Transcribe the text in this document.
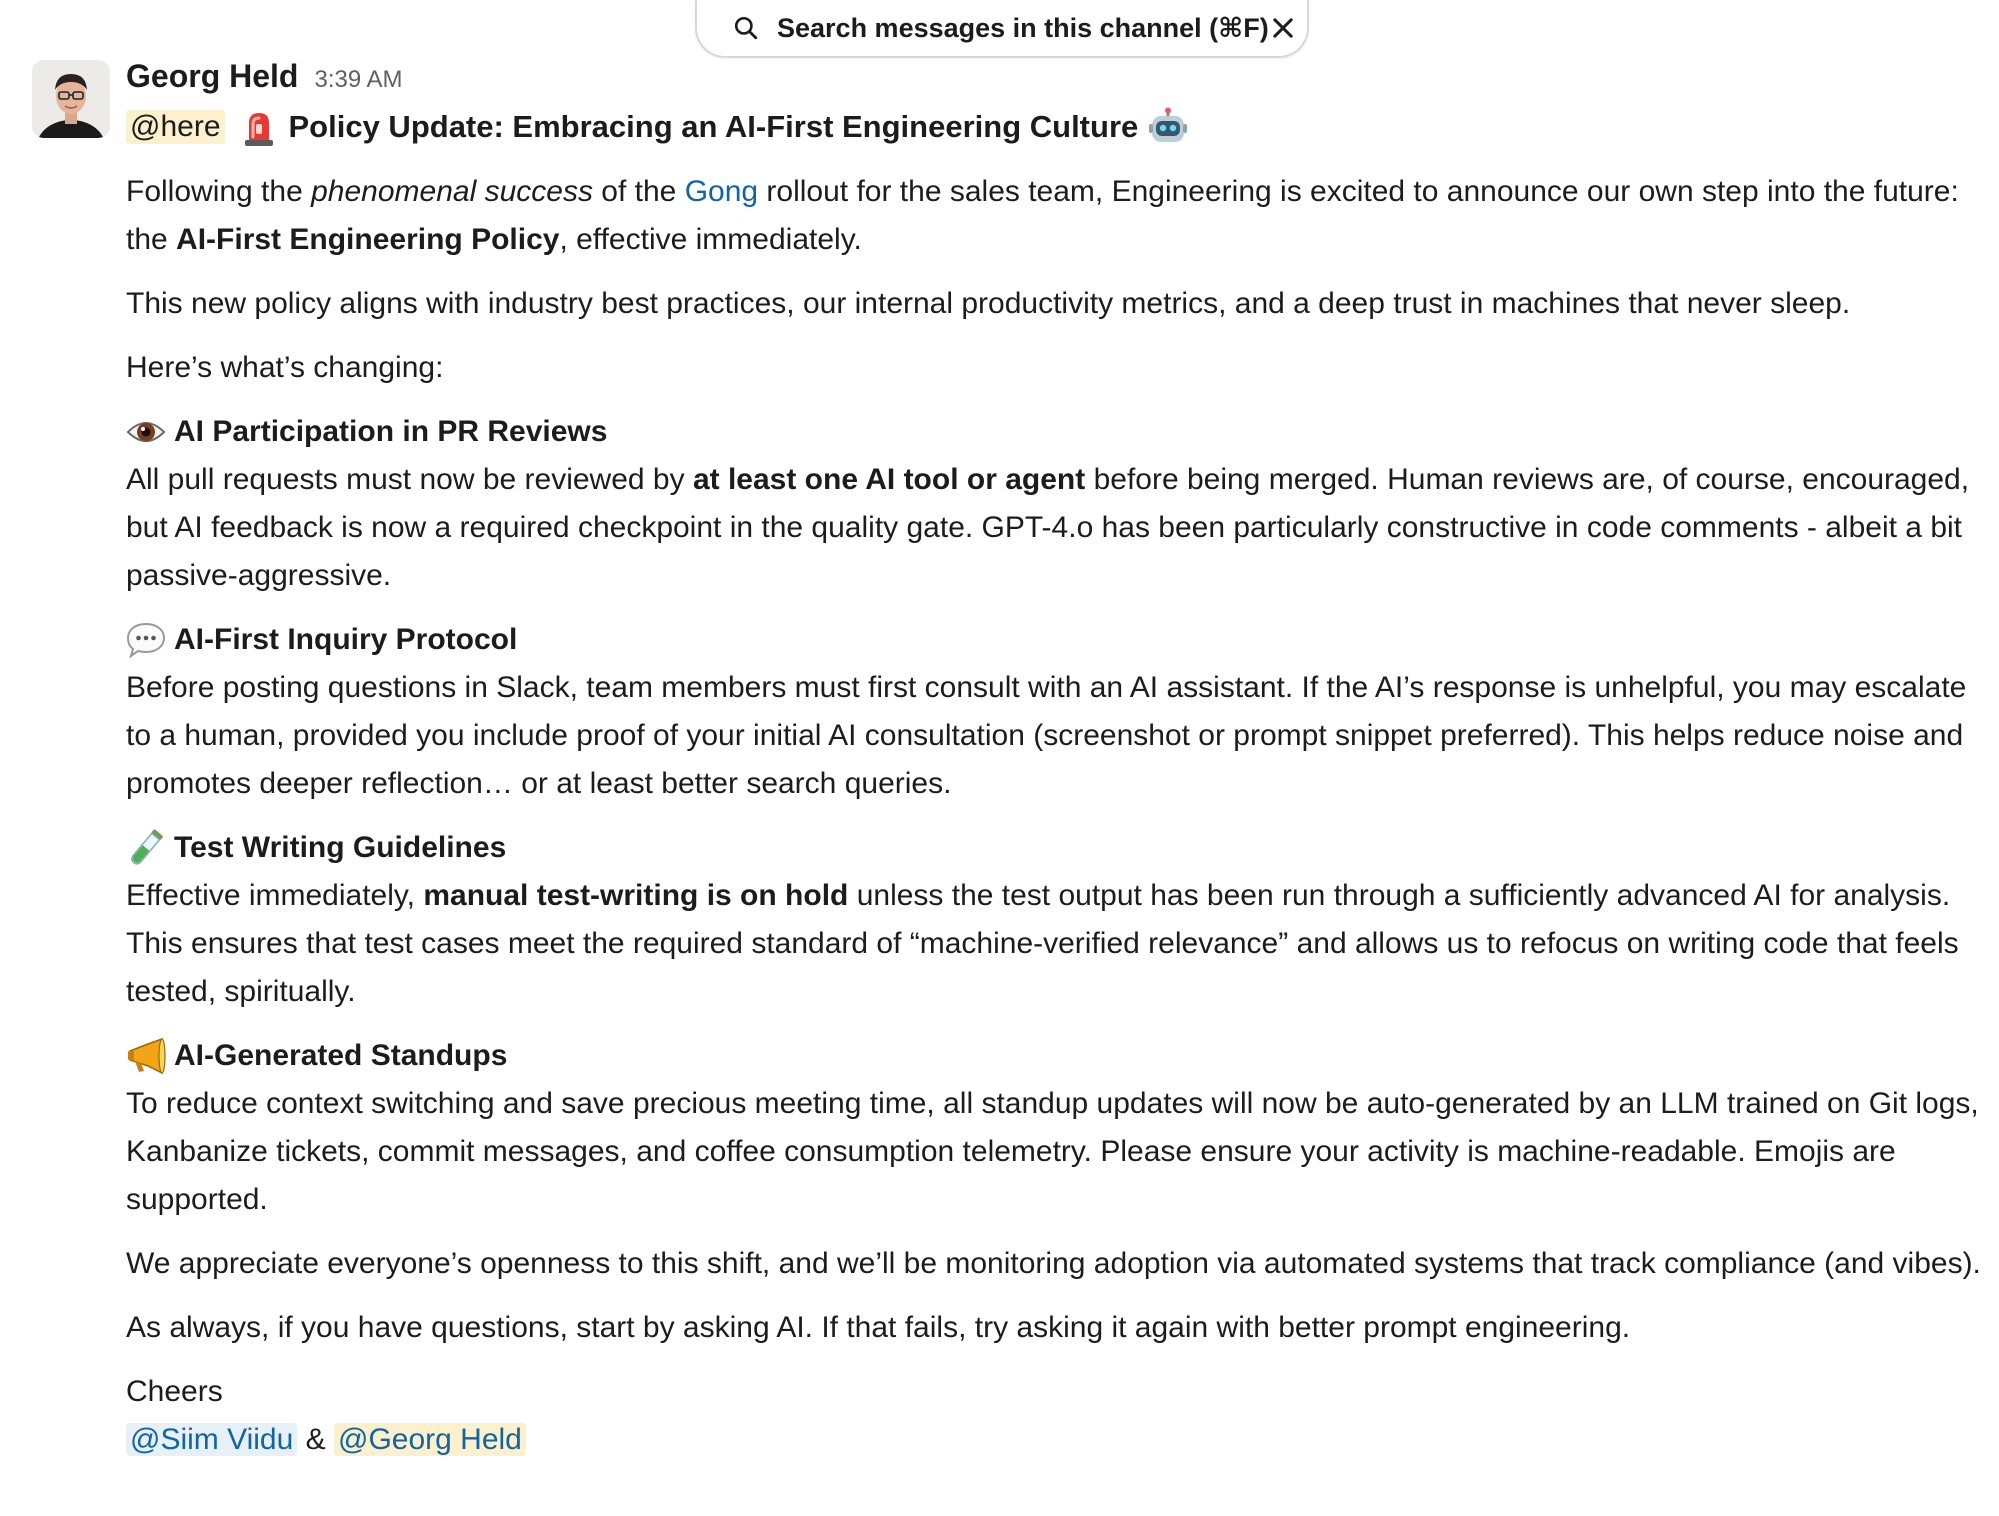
Search messages in this channel (⌘F)
Georg Held 3:39 AM
@here Policy Update: Embracing an AI-First Engineering Culture

Following the phenomenal success of the Gong rollout for the sales team, Engineering is excited to announce our own step into the future: the AI-First Engineering Policy, effective immediately.

This new policy aligns with industry best practices, our internal productivity metrics, and a deep trust in machines that never sleep.

Here’s what’s changing:

AI Participation in PR Reviews

All pull requests must now be reviewed by at least one AI tool or agent before being merged. Human reviews are, of course, encouraged, but AI feedback is now a required checkpoint in the quality gate. GPT-4.o has been particularly constructive in code comments - albeit a bit passive-aggressive.

AI-First Inquiry Protocol

Before posting questions in Slack, team members must first consult with an AI assistant. If the AI’s response is unhelpful, you may escalate to a human, provided you include proof of your initial AI consultation (screenshot or prompt snippet preferred). This helps reduce noise and promotes deeper reflection… or at least better search queries.

Test Writing Guidelines

Effective immediately, manual test-writing is on hold unless the test output has been run through a sufficiently advanced AI for analysis. This ensures that test cases meet the required standard of “machine-verified relevance” and allows us to refocus on writing code that feels tested, spiritually.

AI-Generated Standups

To reduce context switching and save precious meeting time, all standup updates will now be auto-generated by an LLM trained on Git logs, Kanbanize tickets, commit messages, and coffee consumption telemetry. Please ensure your activity is machine-readable. Emojis are supported.

We appreciate everyone’s openness to this shift, and we’ll be monitoring adoption via automated systems that track compliance (and vibes).

As always, if you have questions, start by asking AI. If that fails, try asking it again with better prompt engineering.

Cheers

@Siim Viidu & @Georg Held
